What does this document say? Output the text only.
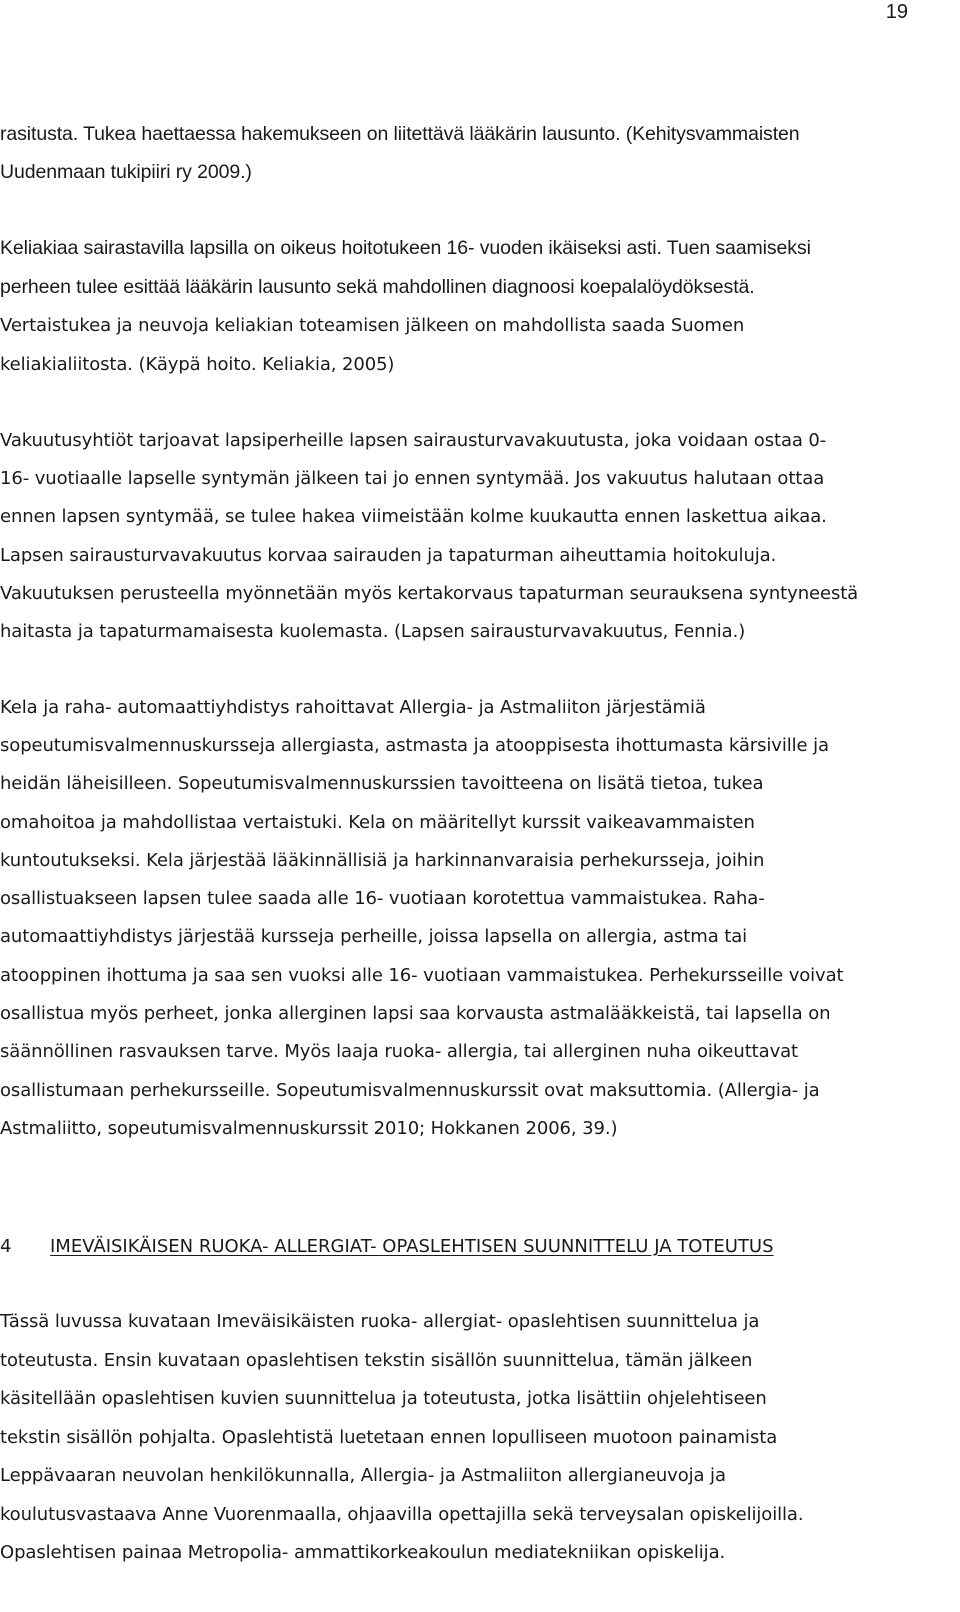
19
rasitusta. Tukea haettaessa hakemukseen on liitettävä lääkärin lausunto. (Kehitysvammaisten
Uudenmaan tukipiiri ry 2009.)
Keliakiaa sairastavilla lapsilla on oikeus hoitotukeen 16- vuoden ikäiseksi asti. Tuen saamiseksi
perheen tulee esittää lääkärin lausunto sekä mahdollinen diagnoosi koepalalöydöksestä.
Vertaistukea ja neuvoja keliakian toteamisen jälkeen on mahdollista saada Suomen
keliakialiitosta. (Käypä hoito. Keliakia, 2005)
Vakuutusyhtiöt tarjoavat lapsiperheille lapsen sairausturvavakuutusta, joka voidaan ostaa 0-
16- vuotiaalle lapselle syntymän jälkeen tai jo ennen syntymää. Jos vakuutus halutaan ottaa
ennen lapsen syntymää, se tulee hakea viimeistään kolme kuukautta ennen laskettua aikaa.
Lapsen sairausturvavakuutus korvaa sairauden ja tapaturman aiheuttamia hoitokuluja.
Vakuutuksen perusteella myönnetään myös kertakorvaus tapaturman seurauksena syntyneestä
haitasta ja tapaturmamaisesta kuolemasta. (Lapsen sairausturvavakuutus, Fennia.)
Kela ja raha- automaattiyhdistys rahoittavat Allergia- ja Astmaliiton järjestämiä
sopeutumisvalmennuskursseja allergiasta, astmasta ja atooppisesta ihottumasta kärsiville ja
heidän läheisilleen. Sopeutumisvalmennuskurssien tavoitteena on lisätä tietoa, tukea
omahoitoa ja mahdollistaa vertaistuki. Kela on määritellyt kurssit vaikeavammaisten
kuntoutukseksi. Kela järjestää lääkinnällisiä ja harkinnanvaraisia perhekursseja, joihin
osallistuakseen lapsen tulee saada alle 16- vuotiaan korotettua vammaistukea. Raha-
automaattiyhdistys järjestää kursseja perheille, joissa lapsella on allergia, astma tai
atooppinen ihottuma ja saa sen vuoksi alle 16- vuotiaan vammaistukea. Perhekursseille voivat
osallistua myös perheet, jonka allerginen lapsi saa korvausta astmalääkkeistä, tai lapsella on
säännöllinen rasvauksen tarve. Myös laaja ruoka- allergia, tai allerginen nuha oikeuttavat
osallistumaan perhekursseille. Sopeutumisvalmennuskurssit ovat maksuttomia. (Allergia- ja
Astmaliitto, sopeutumisvalmennuskurssit 2010; Hokkanen 2006, 39.)
4 IMEVÄISIKÄISEN RUOKA- ALLERGIAT- OPASLEHTISEN SUUNNITTELU JA TOTEUTUS
Tässä luvussa kuvataan Imeväisikäisten ruoka- allergiat- opaslehtisen suunnittelua ja
toteutusta. Ensin kuvataan opaslehtisen tekstin sisällön suunnittelua, tämän jälkeen
käsitellään opaslehtisen kuvien suunnittelua ja toteutusta, jotka lisättiin ohjelehtiseen
tekstin sisällön pohjalta. Opaslehtistä luetetaan ennen lopulliseen muotoon painamista
Leppävaaran neuvolan henkilökunnalla, Allergia- ja Astmaliiton allergianeuvoja ja
koulutusvastaava Anne Vuorenmaalla, ohjaavilla opettajilla sekä terveysalan opiskelijoilla.
Opaslehtisen painaa Metropolia- ammattikorkeakoulun mediatekniikan opiskelija.
